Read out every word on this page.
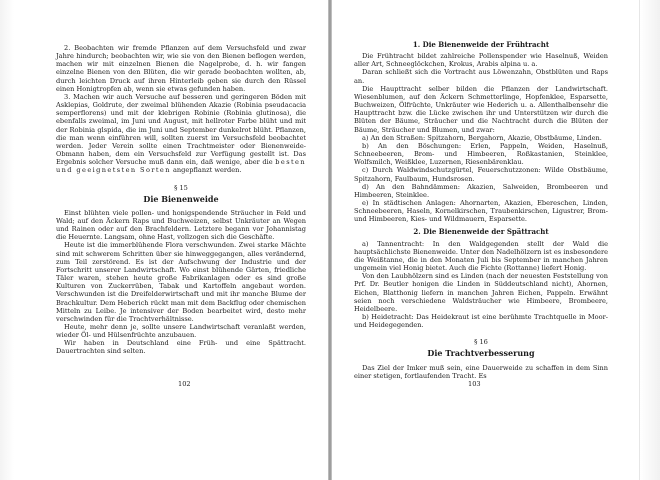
2. Beobachten wir fremde Pflanzen auf dem Versuchsfeld und zwar Jahre hindurch; beobachten wir, wie sie von den Bienen beflogen werden, machen wir mit einzelnen Bienen die Nagelprobe, d. h. wir fangen einzelne Bienen von den Blüten, die wir gerade beobachten wollten, ab, durch leichten Druck auf ihren Hinterleib geben sie durch den Rüssel einen Honigtropfen ab, wenn sie etwas gefunden haben.

3. Machen wir auch Versuche auf besseren und geringeren Böden mit Asklepias, Goldrute, der zweimal blühenden Akazie (Robinia pseudacacia semperflorens) und mit der klebrigen Robinie (Robinia glutinosa), die ebenfalls zweimal, im Juni und August, mit hellroter Farbe blüht und mit der Robinia glspida, die im Juni und September dunkelrot blüht. Pflanzen, die man wenn einführen will, sollten zuerst im Versuchsfeld beobachtet werden. Jeder Verein sollte einen Trachtmeister oder Bienenweide-Obmann haben, dem ein Versuchsfeld zur Verfügung gestellt ist. Das Ergebnis solcher Versuche muß dann ein, daß wenige, aber die besten und geeignetsten Sorten angepflanzt werden.

§ 15
Die Bienenweide

Einst blühten viele pollen- und honigspendende Sträucher in Feld und Wald; auf den Äckern Raps und Buchweizen, selbst Unkräuter an Wegen und Rainen oder auf den Brachfeldern. Letztere begann vor Johannistag die Heuernte. Langsam, ohne Hast, vollzogen sich die Geschäfte.

Heute ist die immerblühende Flora verschwunden. Zwei starke Mächte sind mit schwerem Schritten über sie hinweggegangen, alles verändernd, zum Teil zerstörend. Es ist der Aufschwung der Industrie und der Fortschritt unserer Landwirtschaft. Wo einst blühende Gärten, friedliche Täler waren, stehen heute große Fabrikanlagen oder es sind große Kulturen von Zuckerrüben, Tabak und Kartoffeln angebaut worden. Verschwunden ist die Dreifelderwirtschaft und mit ihr manche Blume der Brachkultur. Dem Heberich rückt man mit dem Backflug oder chemischen Mitteln zu Leibe. Je intensiver der Boden bearbeitet wird, desto mehr verschwinden für die Trachtverhältnisse.

Heute, mehr denn je, sollte unsere Landwirtschaft veranlaßt werden, wieder Öl- und Hülsenfrüchte anzubauen.

Wir haben in Deutschland eine Früh- und eine Spättracht. Dauertrachten sind selten.

102
1. Die Bienenweide der Frühtracht

Die Frühtracht bildet zahlreiche Pollenspender wie Haselnuß, Weiden aller Art, Schneeglöckchen, Krokus, Arabis alpina u. a.

Daran schließt sich die Vortracht aus Löwenzahn, Obstblüten und Raps an.

Die Haupttracht selber bilden die Pflanzen der Landwirtschaft. Wiesenblumen, auf den Äckern Schmetterlinge, Hopfenklee, Esparsette, Buchweizen, Ölfrüchte, Unkräuter wie Hederich u. a. Allenthalbensehr die Haupttracht bzw. die Lücke zwischen ihr und Unterstützen wir durch die Blüten der Bäume, Sträucher und die Nachtracht durch die Blüten der Bäume, Sträucher und Blumen, und zwar:

a) An den Straßen: Spitzahorn, Bergahorn, Akazie, Obstbäume, Linden.

b) An den Böschungen: Erlen, Pappeln, Weiden, Haselnuß, Schneebeeren, Brom- und Himbeeren, Roßkastanien, Steinklee, Wolfsmilch, Weißklee, Luzernen, Riesenbärenklau.

c) Durch Waldwindschutzgürtel, Feuerschutzzonen: Wilde Obstbäume, Spitzahorn, Faulbaum, Hundsrosen.

d) An den Bahndämmen: Akazien, Salweiden, Brombeeren und Himbeeren, Steinklee.

e) In städtischen Anlagen: Ahornarten, Akazien, Ebereschen, Linden, Schneebeeren, Haseln, Kornelkirschen, Traubenkirschen, Ligustrer, Brom- und Himbeeren, Kies- und Wildmauern, Esparsette.

2. Die Bienenweide der Spättracht

a) Tannentracht: In den Waldgegenden stellt der Wald die hauptsächlichste Bienenweide. Unter den Nadelhölzern ist es insbesondere die Weißtanne, die in den Monaten Juli bis September in manchen Jahren ungemein viel Honig bietet. Auch die Fichte (Rottanne) liefert Honig.

Von den Laubhölzern sind es Linden (nach der neuesten Feststellung von Prf. Dr. Beutler honigen die Linden in Süddeutschland nicht), Ahornen, Eichen, Blatthonig liefern in manchen Jahren Eichen, Pappeln. Erwähnt seien noch verschiedene Waldsträucher wie Himbeere, Brombeere, Heidelbeere.

b) Heidetracht: Das Heidekraut ist eine berühmte Trachtquelle in Moor- und Heidegegenden.

§ 16
Die Trachtverbesserung

Das Ziel der Imker muß sein, eine Dauerweide zu schaffen in dem Sinn einer stetigen, fortlaufenden Tracht. Es

103
